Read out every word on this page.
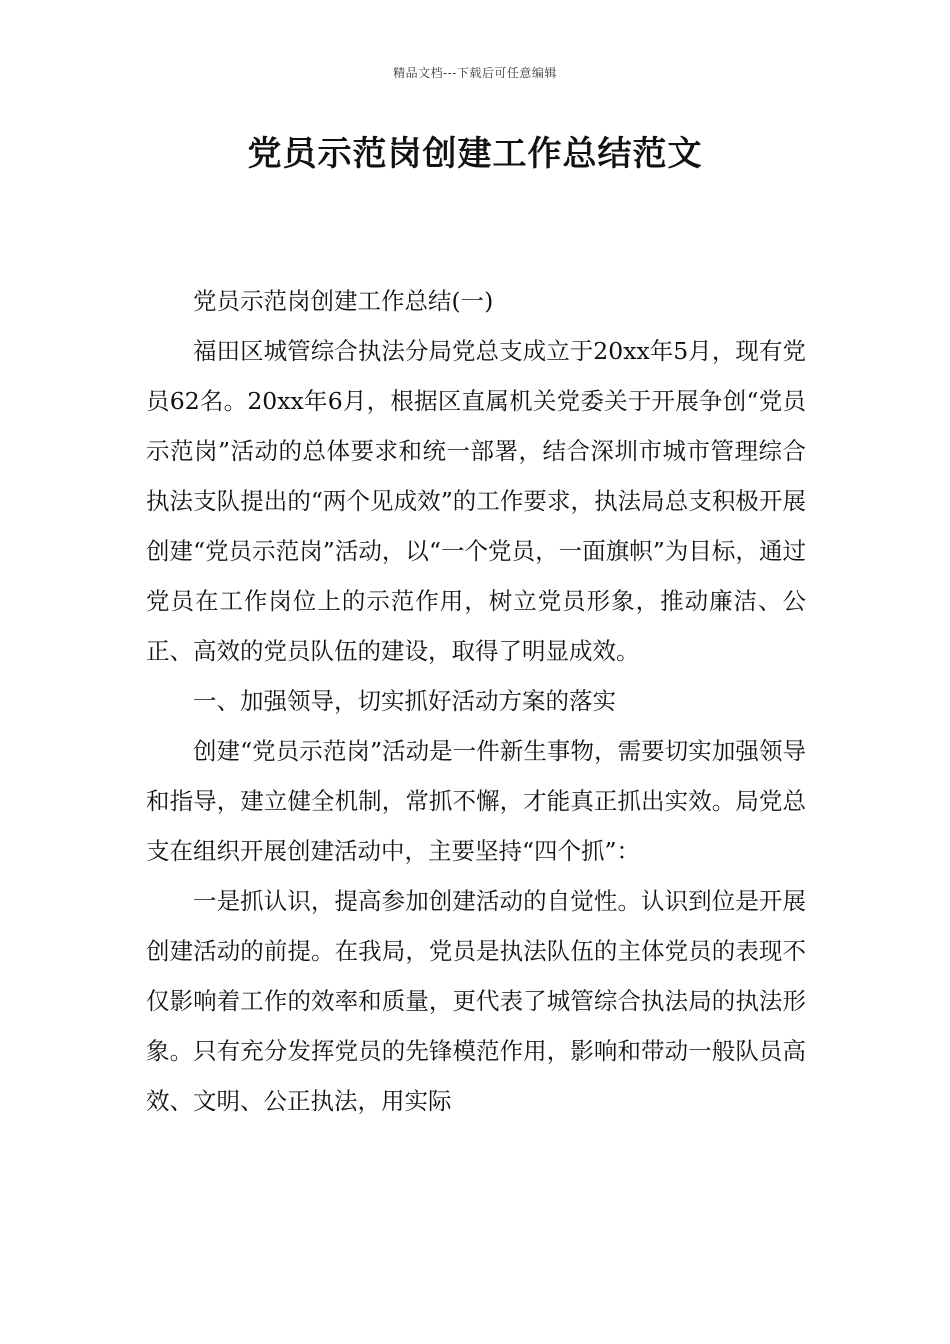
精品文档---下载后可任意编辑
党员示范岗创建工作总结范文

党员示范岗创建工作总结(一)

福田区城管综合执法分局党总支成立于20xx年5月，现有党员62名。20xx年6月，根据区直属机关党委关于开展争创“党员示范岗”活动的总体要求和统一部署，结合深圳市城市管理综合执法支队提出的“两个见成效”的工作要求，执法局总支积极开展创建“党员示范岗”活动，以“一个党员，一面旗帜”为目标，通过党员在工作岗位上的示范作用，树立党员形象，推动廉洁、公正、高效的党员队伍的建设，取得了明显成效。

一、加强领导，切实抓好活动方案的落实

创建“党员示范岗”活动是一件新生事物，需要切实加强领导和指导，建立健全机制，常抓不懈，才能真正抓出实效。局党总支在组织开展创建活动中，主要坚持“四个抓”：

一是抓认识，提高参加创建活动的自觉性。认识到位是开展创建活动的前提。在我局，党员是执法队伍的主体党员的表现不仅影响着工作的效率和质量，更代表了城管综合执法局的执法形象。只有充分发挥党员的先锋模范作用，影响和带动一般队员高效、文明、公正执法，用实际
